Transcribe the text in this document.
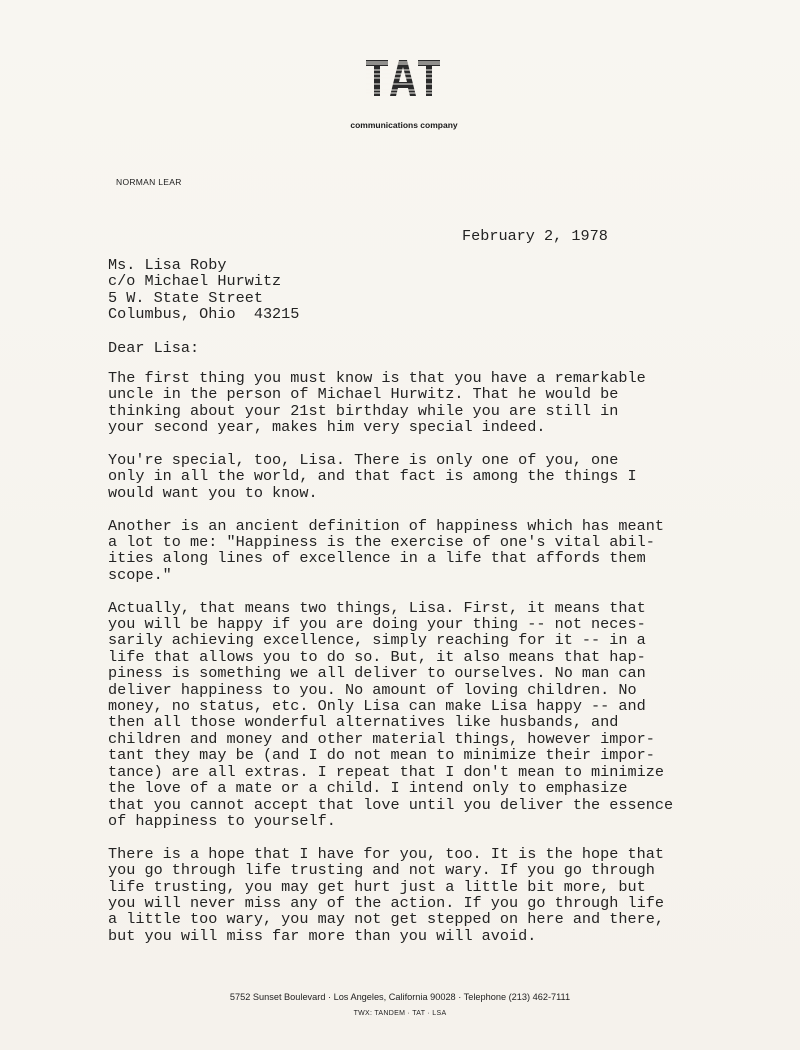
communications company
NORMAN LEAR
February 2, 1978
Ms. Lisa Roby
c/o Michael Hurwitz
5 W. State Street
Columbus, Ohio  43215
Dear Lisa:

The first thing you must know is that you have a remarkable
uncle in the person of Michael Hurwitz. That he would be
thinking about your 21st birthday while you are still in
your second year, makes him very special indeed.

You're special, too, Lisa. There is only one of you, one
only in all the world, and that fact is among the things I
would want you to know.

Another is an ancient definition of happiness which has meant
a lot to me: "Happiness is the exercise of one's vital abil-
ities along lines of excellence in a life that affords them
scope."

Actually, that means two things, Lisa. First, it means that
you will be happy if you are doing your thing -- not neces-
sarily achieving excellence, simply reaching for it -- in a
life that allows you to do so. But, it also means that hap-
piness is something we all deliver to ourselves. No man can
deliver happiness to you. No amount of loving children. No
money, no status, etc. Only Lisa can make Lisa happy -- and
then all those wonderful alternatives like husbands, and
children and money and other material things, however impor-
tant they may be (and I do not mean to minimize their impor-
tance) are all extras. I repeat that I don't mean to minimize
the love of a mate or a child. I intend only to emphasize
that you cannot accept that love until you deliver the essence
of happiness to yourself.

There is a hope that I have for you, too. It is the hope that
you go through life trusting and not wary. If you go through
life trusting, you may get hurt just a little bit more, but
you will never miss any of the action. If you go through life
a little too wary, you may not get stepped on here and there,
but you will miss far more than you will avoid.

5752 Sunset Boulevard · Los Angeles, California 90028 · Telephone (213) 462-7111
TWX: TANDEM · TAT · LSA
